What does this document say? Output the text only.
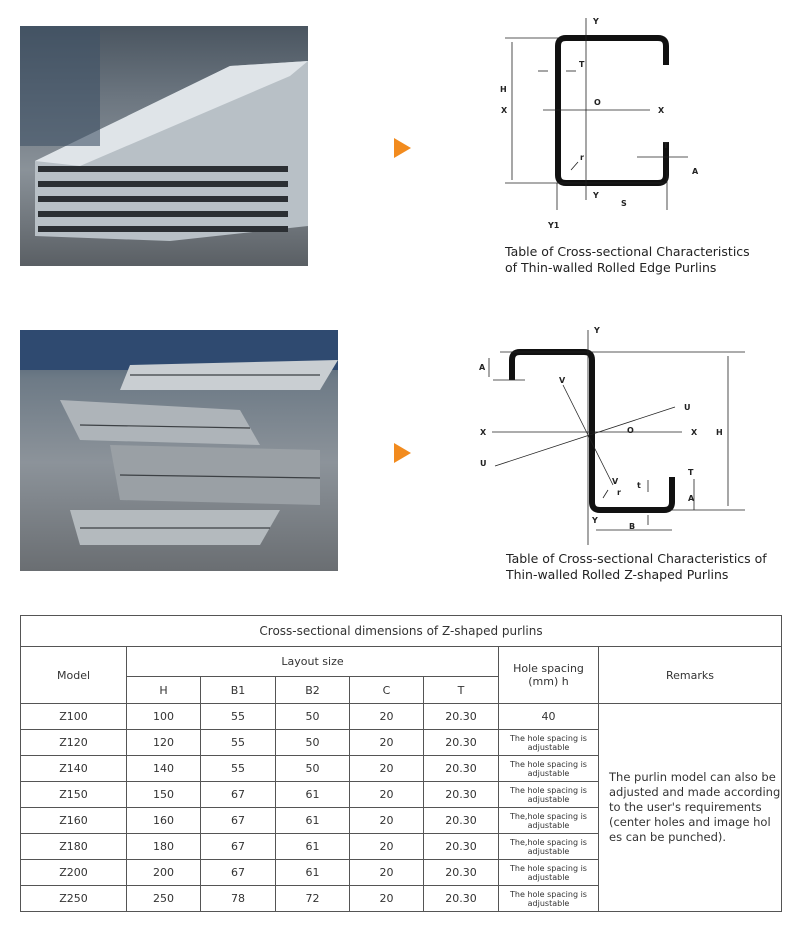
Y
T
H
X
O
X
r
T
A
Y
S
Y1
Table of Cross-sectional Characteristics
of Thin-walled Rolled Edge Purlins
Y
A
V
U
X	O	X H
U
V
r
t
T
A
Y
B
Table of Cross-sectional Characteristics of
Thin-walled Rolled Z-shaped Purlins
Cross-sectional dimensions of Z-shaped purlins							
Model	Layout size					Hole spacing (mm) h	Remarks
	H	B1	B2	C	T		
Z100	100	55	50	20	20.30	40	The purlin model can also be adjusted and made according to the user's requirements (center holes and image hol es can be punched).
Z120	120	55	50	20	20.30	The hole spacing is adjustable	
Z140	140	55	50	20	20.30	The hole spacing is adjustable	
Z150	150	67	61	20	20.30	The hole spacing is adjustable	
Z160	160	67	61	20	20.30	The,hole spacing is adjustable	
Z180	180	67	61	20	20.30	The,hole spacing is adjustable	
Z200	200	67	61	20	20.30	The hole spacing is adjustable	
Z250	250	78	72	20	20.30	The hole spacing is adjustable	
